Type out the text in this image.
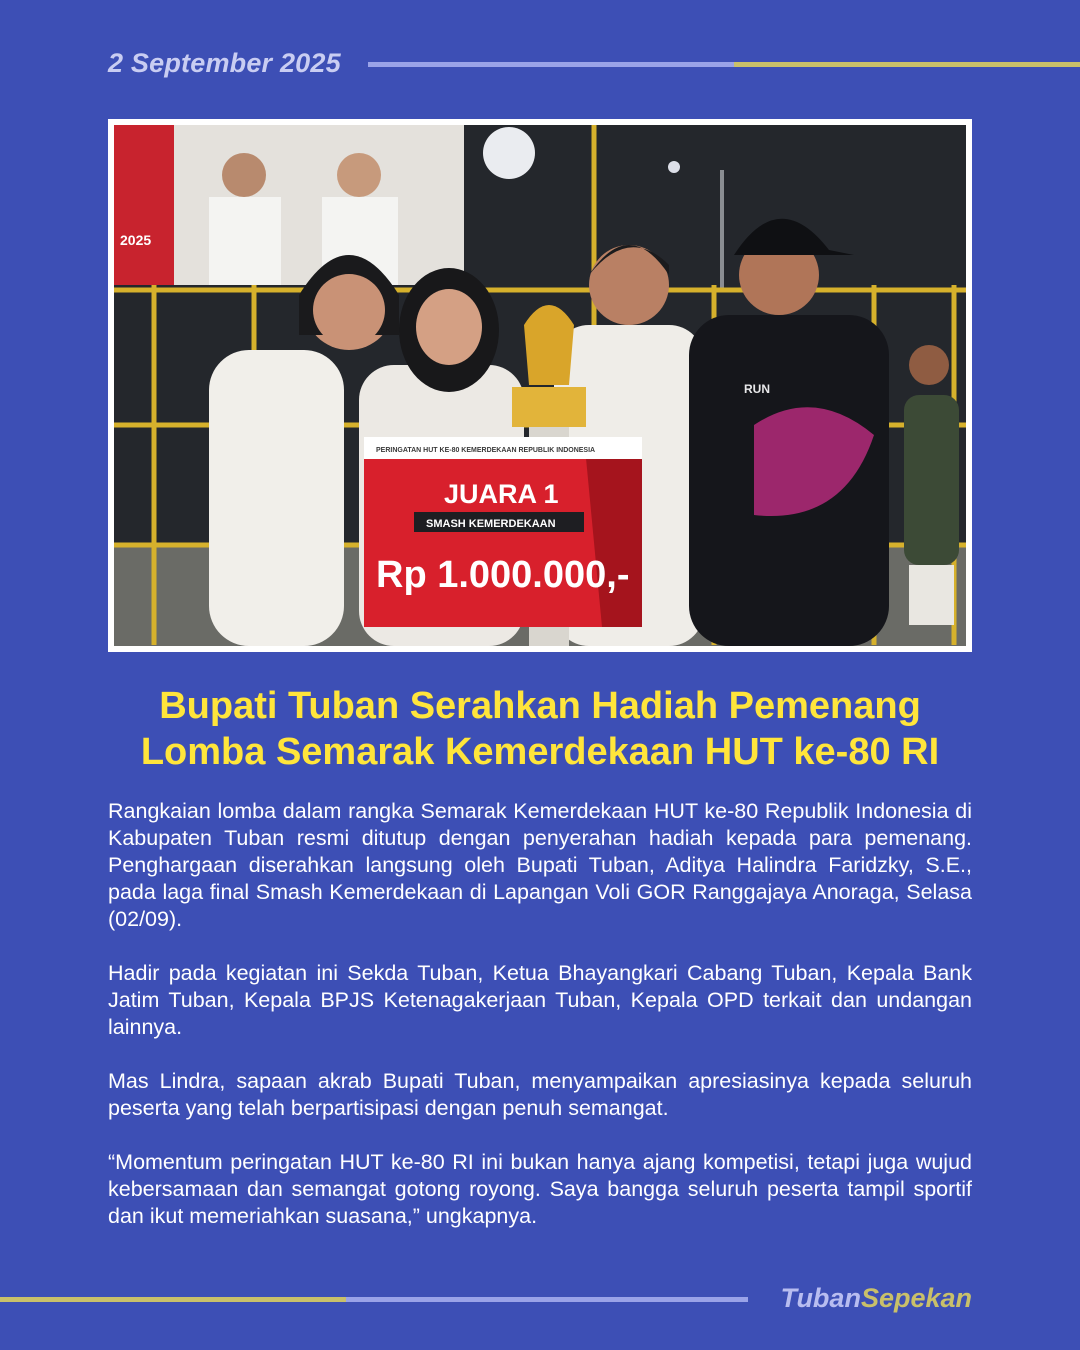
2 September 2025
2025
RUN
PERINGATAN HUT KE-80 KEMERDEKAAN REPUBLIK INDONESIA
JUARA 1
SMASH KEMERDEKAAN
Rp 1.000.000,-
Bupati Tuban Serahkan Hadiah Pemenang
Lomba Semarak Kemerdekaan HUT ke-80 RI

Rangkaian lomba dalam rangka Semarak Kemerdekaan HUT ke-80 Republik Indonesia di Kabupaten Tuban resmi ditutup dengan penyerahan hadiah kepada para pemenang. Penghargaan diserahkan langsung oleh Bupati Tuban, Aditya Halindra Faridzky, S.E., pada laga final Smash Kemerdekaan di Lapangan Voli GOR Ranggajaya Anoraga, Selasa (02/09).

Hadir pada kegiatan ini Sekda Tuban, Ketua Bhayangkari Cabang Tuban, Kepala Bank Jatim Tuban, Kepala BPJS Ketenagakerjaan Tuban, Kepala OPD terkait dan undangan lainnya.

Mas Lindra, sapaan akrab Bupati Tuban, menyampaikan apresiasinya kepada seluruh peserta yang telah berpartisipasi dengan penuh semangat.

“Momentum peringatan HUT ke-80 RI ini bukan hanya ajang kompetisi, tetapi juga wujud kebersamaan dan semangat gotong royong. Saya bangga seluruh peserta tampil sportif dan ikut memeriahkan suasana,” ungkapnya.

TubanSepekan
